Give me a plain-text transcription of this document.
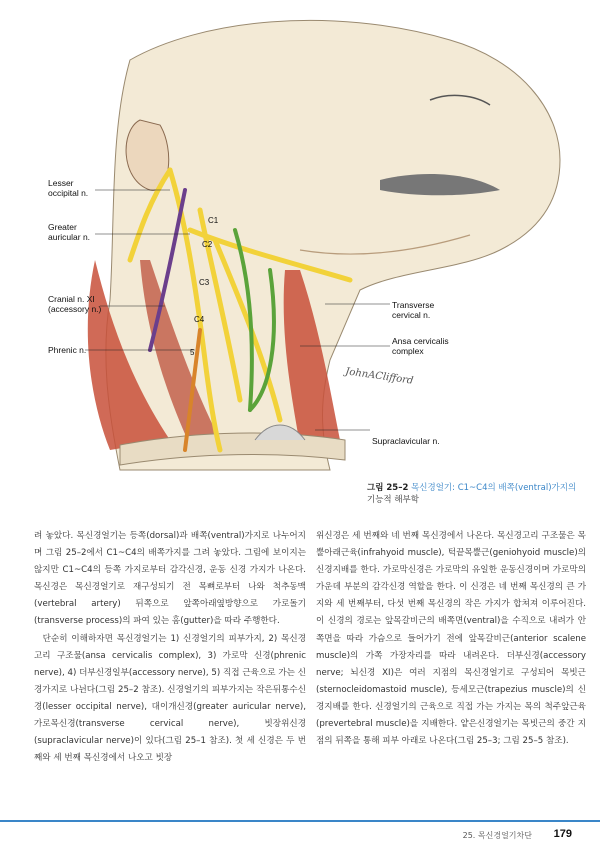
C1
C2
C3
C4
5
Lesser
occipital n.
Greater
auricular n.
Cranial n. XI
(accessory n.)
Phrenic n.
Transverse
cervical n.
Ansa cervicalis
complex
Supraclavicular n.
JohnAClifford
그림 25–2 목신경얼기: C1~C4의 배쪽(ventral)가지의
기능적 해부학

려 놓았다. 목신경얼기는 등쪽(dorsal)과 배쪽(ventral)가지로 나누어지며 그림 25–2에서 C1~C4의 배쪽가지를 그려 놓았다. 그림에 보이지는 않지만 C1~C4의 등쪽 가지로부터 감각신경, 운동 신경 가지가 나온다. 목신경은 목신경얼기로 재구성되기 전 목뼈로부터 나와 척추동맥(vertebral artery) 뒤쪽으로 앞쪽아래옆방향으로 가로돌기(transverse process)의 파여 있는 홈(gutter)을 따라 주행한다.

단순히 이해하자면 목신경얼기는 1) 신경얼기의 피부가지, 2) 목신경고리 구조물(ansa cervicalis complex), 3) 가로막 신경(phrenic nerve), 4) 더부신경일부(accessory nerve), 5) 직접 근육으로 가는 신경가지로 나뉜다(그림 25–2 참조). 신경얼기의 피부가지는 작은뒤통수신경(lesser occipital nerve), 대이개신경(greater auricular nerve), 가로목신경(transverse cervical nerve), 빗장위신경(supraclavicular nerve)이 있다(그림 25–1 참조). 첫 세 신경은 두 번째와 세 번째 목신경에서 나오고 빗장

위신경은 세 번째와 네 번째 목신경에서 나온다. 목신경고리 구조물은 목뿔아래근육(infrahyoid muscle), 턱끝목뿔근(geniohyoid muscle)의 신경지배를 한다. 가로막신경은 가로막의 유일한 운동신경이며 가로막의 가운데 부분의 감각신경 역할을 한다. 이 신경은 네 번째 목신경의 큰 가지와 세 번째부터, 다섯 번째 목신경의 작은 가지가 합쳐져 이루어진다. 이 신경의 경로는 앞목갈비근의 배쪽면(ventral)을 수직으로 내려가 안쪽면을 따라 가슴으로 들어가기 전에 앞목갈비근(anterior scalene muscle)의 가쪽 가장자리를 따라 내려온다. 더부신경(accessory nerve; 뇌신경 XI)은 여러 지점의 목신경얼기로 구성되어 목빗근(sternocleidomastoid muscle), 등세모근(trapezius muscle)의 신경지배를 한다. 신경얼기의 근육으로 직접 가는 가지는 목의 척주앞근육(prevertebral muscle)을 지배한다. 얕은신경얼기는 목빗근의 중간 지점의 뒤쪽을 통해 피부 아래로 나온다(그림 25–3; 그림 25–5 참조).

25. 목신경얼기차단 179
